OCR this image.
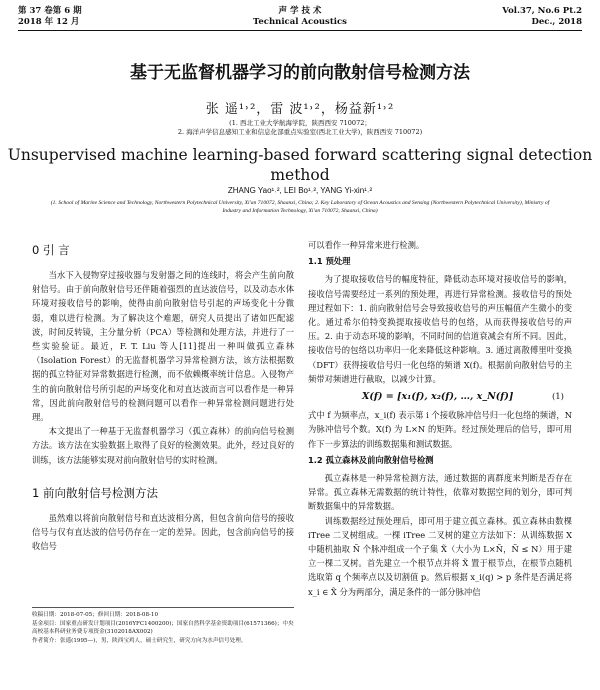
第 37 卷第 6 期
2018 年 12 月
声 学 技 术
Technical Acoustics
Vol.37, No.6 Pt.2
Dec., 2018
基于无监督机器学习的前向散射信号检测方法
张 遥¹˒²，雷 波¹˒²，杨益新¹˒²
(1. 西北工业大学航海学院，陕西西安 710072；
2. 海洋声学信息感知工业和信息化部重点实验室(西北工业大学)，陕西西安 710072)
Unsupervised machine learning-based forward scattering signal detection method
ZHANG Yao¹˒², LEI Bo¹˒², YANG Yi-xin¹˒²
(1. School of Marine Science and Technology, Northwestern Polytechnical University, Xi'an 710072, Shaanxi, China; 2. Key Laboratory of Ocean Acoustics and Sensing (Northwestern Polytechnical University), Ministry of Industry and Information Technology, Xi'an 710072, Shaanxi, China)
0 引 言

当水下入侵物穿过接收器与发射器之间的连线时，将会产生前向散射信号。由于前向散射信号还伴随着强烈的直达波信号，以及动态水体环境对接收信号的影响，使得由前向散射信号引起的声场变化十分微弱，难以进行检测。为了解决这个难题，研究人员提出了诸如匹配滤波，时间反转镜，主分量分析（PCA）等检测和处理方法，并进行了一些实验验证。最近，F. T. Liu 等人[11]提出一种叫做孤立森林（Isolation Forest）的无监督机器学习异常检测方法，该方法根据数据的孤立特征对异常数据进行检测，而不依赖概率统计信息。入侵物产生的前向散射信号所引起的声场变化和对直达波而言可以看作是一种异常，因此前向散射信号的检测问题可以看作一种异常检测问题进行处理。

本文提出了一种基于无监督机器学习（孤立森林）的前向信号检测方法。该方法在实验数据上取得了良好的检测效果。此外，经过良好的训练，该方法能够实现对前向散射信号的实时检测。

1 前向散射信号检测方法

虽然难以将前向散射信号和直达波相分离，但包含前向信号的接收信号与仅有直达波的信号仍存在一定的差异。因此，包含前向信号的接收信号

收稿日期：2018-07-05；修回日期：2018-08-10
基金项目：国家重点研发计划项目(2016YFC1400200)；国家自然科学基金资助项目(61571366)；中央高校基本科研业务费专项资金(3102018AX002)
作者简介：张遥(1995—)，男，陕西宝鸡人，硕士研究生，研究方向为水声信号处理。

可以看作一种异常来进行检测。

1.1 预处理

为了提取接收信号的幅度特征，降低动态环境对接收信号的影响，接收信号需要经过一系列的预处理，再进行异常检测。接收信号的预处理过程如下：1. 前向散射信号会导致接收信号的声压幅值产生微小的变化。通过希尔伯特变换提取接收信号的包络，从而获得接收信号的声压。2. 由于动态环境的影响，不同时间的信道衰减会有所不同。因此，接收信号的包络以功率归一化来降低这种影响。3. 通过离散傅里叶变换（DFT）获得接收信号归一化包络的频谱 X(f)。根据前向散射信号的主频带对频谱进行截取，以减少计算。

X(f) = [x₁(f), x₂(f), …, x_N(f)]	(1)

式中 f 为频率点，x_i(f) 表示第 i 个接收脉冲信号归一化包络的频谱，N 为脉冲信号个数。X(f) 为 L×N 的矩阵。经过预处理后的信号，即可用作下一步算法的训练数据集和测试数据。

1.2 孤立森林及前向散射信号检测

孤立森林是一种异常检测方法，通过数据的离群度来判断是否存在异常。孤立森林无需数据的统计特性，依靠对数据空间的划分，即可判断数据集中的异常数据。

训练数据经过预处理后，即可用于建立孤立森林。孤立森林由数棵 iTree 二叉树组成。一棵 iTree 二叉树的建立方法如下：从训练数据 X 中随机抽取 Ñ 个脉冲组成一个子集 X̃（大小为 L×Ñ，Ñ ≤ N）用于建立一棵二叉树。首先建立一个根节点并将 X̃ 置于根节点，在根节点随机选取第 q 个频率点以及切割值 p。然后根据 x_i(q) > p 条件是否满足将 x_i ∈ X̃ 分为两部分，满足条件的一部分脉冲信
